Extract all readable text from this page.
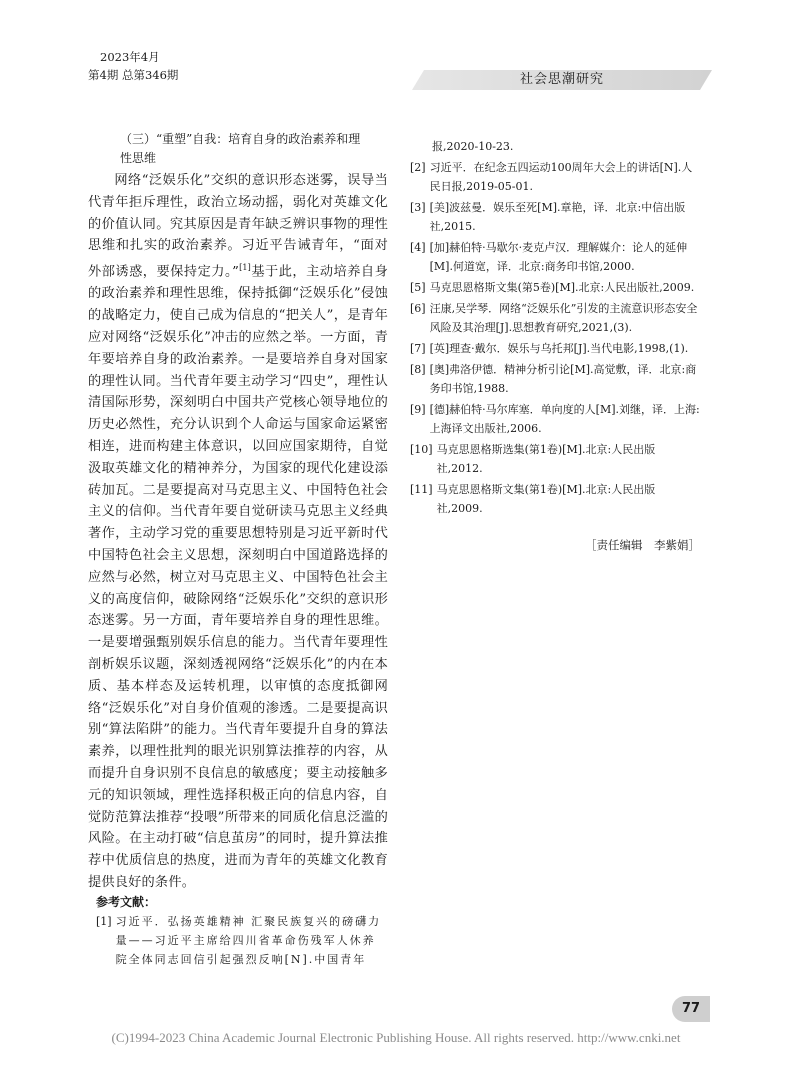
2023年4月
第4期 总第346期	社会思潮研究
（三）“重塑”自我：培育自身的政治素养和理
性思维

网络“泛娱乐化”交织的意识形态迷雾，误导当代青年拒斥理性，政治立场动摇，弱化对英雄文化的价值认同。究其原因是青年缺乏辨识事物的理性思维和扎实的政治素养。习近平告诫青年，“面对外部诱惑，要保持定力。”[1]基于此，主动培养自身的政治素养和理性思维，保持抵御“泛娱乐化”侵蚀的战略定力，使自己成为信息的“把关人”，是青年应对网络“泛娱乐化”冲击的应然之举。一方面，青年要培养自身的政治素养。一是要培养自身对国家的理性认同。当代青年要主动学习“四史”，理性认清国际形势，深刻明白中国共产党核心领导地位的历史必然性，充分认识到个人命运与国家命运紧密相连，进而构建主体意识，以回应国家期待，自觉汲取英雄文化的精神养分，为国家的现代化建设添砖加瓦。二是要提高对马克思主义、中国特色社会主义的信仰。当代青年要自觉研读马克思主义经典著作，主动学习党的重要思想特别是习近平新时代中国特色社会主义思想，深刻明白中国道路选择的应然与必然，树立对马克思主义、中国特色社会主义的高度信仰，破除网络“泛娱乐化”交织的意识形态迷雾。另一方面，青年要培养自身的理性思维。一是要增强甄别娱乐信息的能力。当代青年要理性剖析娱乐议题，深刻透视网络“泛娱乐化”的内在本质、基本样态及运转机理，以审慎的态度抵御网络“泛娱乐化”对自身价值观的渗透。二是要提高识别“算法陷阱”的能力。当代青年要提升自身的算法素养，以理性批判的眼光识别算法推荐的内容，从而提升自身识别不良信息的敏感度；要主动接触多元的知识领域，理性选择积极正向的信息内容，自觉防范算法推荐“投喂”所带来的同质化信息泛滥的风险。在主动打破“信息茧房”的同时，提升算法推荐中优质信息的热度，进而为青年的英雄文化教育提供良好的条件。

参考文献：
[1] 习近平．弘扬英雄精神 汇聚民族复兴的磅礴力量——习近平主席给四川省革命伤残军人休养院全体同志回信引起强烈反响[N].中国青年
报,2020-10-23.
[2] 习近平．在纪念五四运动100周年大会上的讲话[N].人民日报,2019-05-01.
[3] [美]波兹曼．娱乐至死[M].章艳，译．北京:中信出版社,2015.
[4] [加]赫伯特·马歇尔·麦克卢汉．理解媒介：论人的延伸[M].何道宽，译．北京:商务印书馆,2000.
[5] 马克思恩格斯文集(第5卷)[M].北京:人民出版社,2009.
[6] 汪康,吴学琴．网络“泛娱乐化”引发的主流意识形态安全风险及其治理[J].思想教育研究,2021,(3).
[7] [英]理查·戴尔．娱乐与乌托邦[J].当代电影,1998,(1).
[8] [奥]弗洛伊德．精神分析引论[M].高觉敷，译．北京:商务印书馆,1988.
[9] [德]赫伯特·马尔库塞．单向度的人[M].刘继，译．上海:上海译文出版社,2006.
[10] 马克思恩格斯选集(第1卷)[M].北京:人民出版社,2012.
[11] 马克思恩格斯文集(第1卷)[M].北京:人民出版社,2009.
［责任编辑　李紫娟］
77
(C)1994-2023 China Academic Journal Electronic Publishing House. All rights reserved. http://www.cnki.net
